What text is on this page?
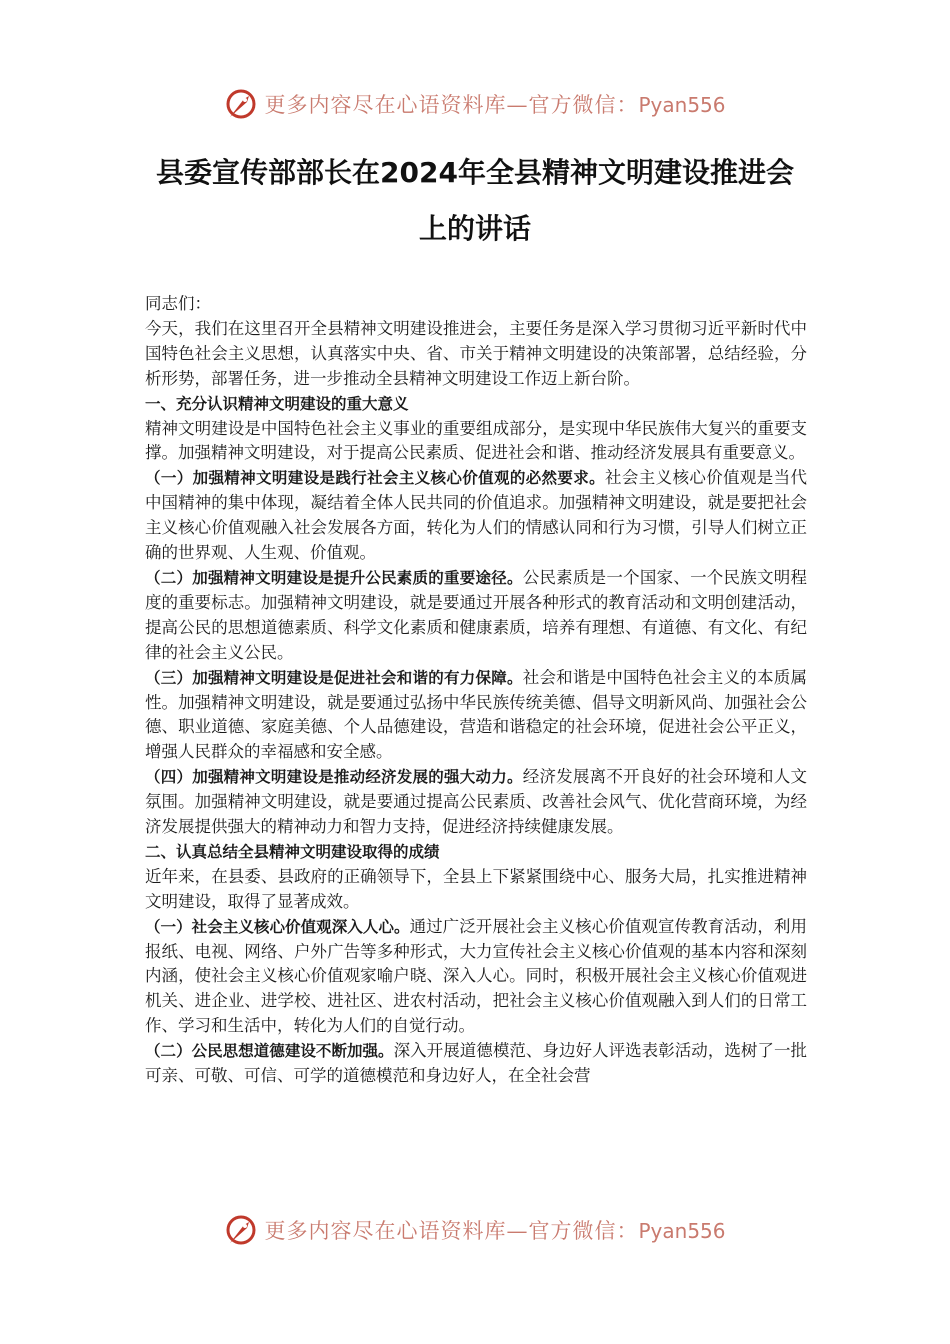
更多内容尽在心语资料库—官方微信：Pyan556
县委宣传部部长在2024年全县精神文明建设推进会
上的讲话

同志们：

今天，我们在这里召开全县精神文明建设推进会，主要任务是深入学习贯彻习近平新时代中国特色社会主义思想，认真落实中央、省、市关于精神文明建设的决策部署，总结经验，分析形势，部署任务，进一步推动全县精神文明建设工作迈上新台阶。

一、充分认识精神文明建设的重大意义

精神文明建设是中国特色社会主义事业的重要组成部分，是实现中华民族伟大复兴的重要支撑。加强精神文明建设，对于提高公民素质、促进社会和谐、推动经济发展具有重要意义。

（一）加强精神文明建设是践行社会主义核心价值观的必然要求。社会主义核心价值观是当代中国精神的集中体现，凝结着全体人民共同的价值追求。加强精神文明建设，就是要把社会主义核心价值观融入社会发展各方面，转化为人们的情感认同和行为习惯，引导人们树立正确的世界观、人生观、价值观。

（二）加强精神文明建设是提升公民素质的重要途径。公民素质是一个国家、一个民族文明程度的重要标志。加强精神文明建设，就是要通过开展各种形式的教育活动和文明创建活动，提高公民的思想道德素质、科学文化素质和健康素质，培养有理想、有道德、有文化、有纪律的社会主义公民。

（三）加强精神文明建设是促进社会和谐的有力保障。社会和谐是中国特色社会主义的本质属性。加强精神文明建设，就是要通过弘扬中华民族传统美德、倡导文明新风尚、加强社会公德、职业道德、家庭美德、个人品德建设，营造和谐稳定的社会环境，促进社会公平正义，增强人民群众的幸福感和安全感。

（四）加强精神文明建设是推动经济发展的强大动力。经济发展离不开良好的社会环境和人文氛围。加强精神文明建设，就是要通过提高公民素质、改善社会风气、优化营商环境，为经济发展提供强大的精神动力和智力支持，促进经济持续健康发展。

二、认真总结全县精神文明建设取得的成绩

近年来，在县委、县政府的正确领导下，全县上下紧紧围绕中心、服务大局，扎实推进精神文明建设，取得了显著成效。

（一）社会主义核心价值观深入人心。通过广泛开展社会主义核心价值观宣传教育活动，利用报纸、电视、网络、户外广告等多种形式，大力宣传社会主义核心价值观的基本内容和深刻内涵，使社会主义核心价值观家喻户晓、深入人心。同时，积极开展社会主义核心价值观进机关、进企业、进学校、进社区、进农村活动，把社会主义核心价值观融入到人们的日常工作、学习和生活中，转化为人们的自觉行动。

（二）公民思想道德建设不断加强。深入开展道德模范、身边好人评选表彰活动，选树了一批可亲、可敬、可信、可学的道德模范和身边好人，在全社会营

更多内容尽在心语资料库—官方微信：Pyan556
